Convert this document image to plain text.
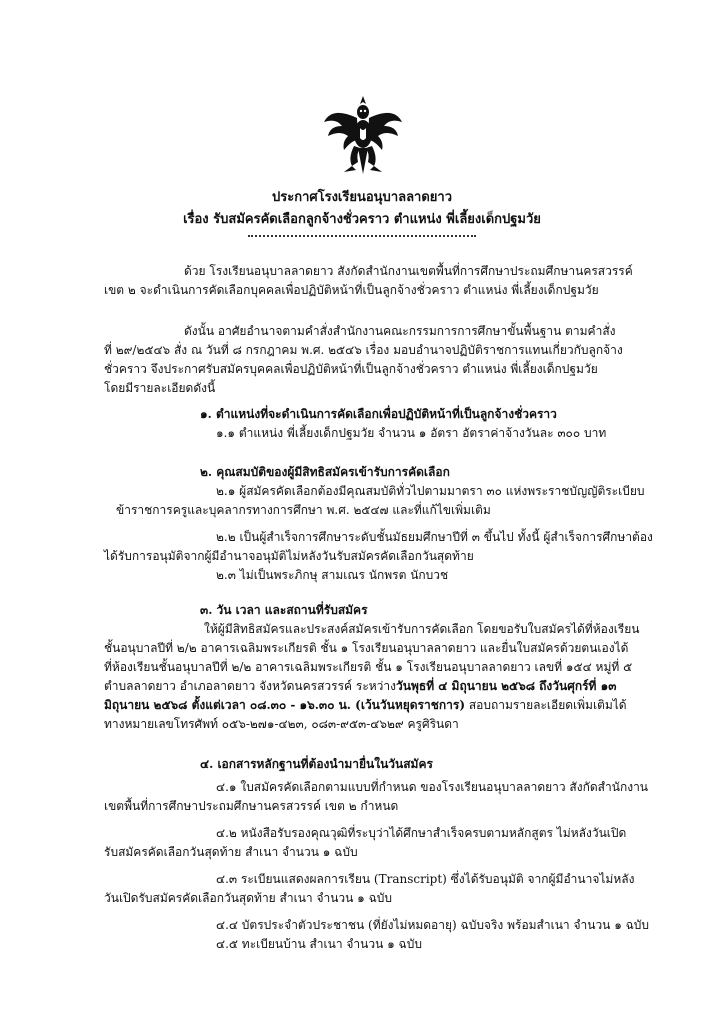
ประกาศโรงเรียนอนุบาลลาดยาว
เรื่อง รับสมัครคัดเลือกลูกจ้างชั่วคราว ตำแหน่ง พี่เลี้ยงเด็กปฐมวัย

ด้วย โรงเรียนอนุบาลลาดยาว สังกัดสำนักงานเขตพื้นที่การศึกษาประถมศึกษานครสวรรค์

เขต ๒ จะดำเนินการคัดเลือกบุคคลเพื่อปฏิบัติหน้าที่เป็นลูกจ้างชั่วคราว ตำแหน่ง พี่เลี้ยงเด็กปฐมวัย

ดังนั้น อาศัยอำนาจตามคำสั่งสำนักงานคณะกรรมการการศึกษาขั้นพื้นฐาน ตามคำสั่ง

ที่ ๒๙/๒๕๔๖ สั่ง ณ วันที่ ๘ กรกฎาคม พ.ศ. ๒๕๔๖ เรื่อง มอบอำนาจปฏิบัติราชการแทนเกี่ยวกับลูกจ้าง

ชั่วคราว จึงประกาศรับสมัครบุคคลเพื่อปฏิบัติหน้าที่เป็นลูกจ้างชั่วคราว ตำแหน่ง พี่เลี้ยงเด็กปฐมวัย

โดยมีรายละเอียดดังนี้

๑. ตำแหน่งที่จะดำเนินการคัดเลือกเพื่อปฏิบัติหน้าที่เป็นลูกจ้างชั่วคราว

๑.๑ ตำแหน่ง พี่เลี้ยงเด็กปฐมวัย จำนวน ๑ อัตรา อัตราค่าจ้างวันละ ๓๐๐ บาท

๒. คุณสมบัติของผู้มีสิทธิสมัครเข้ารับการคัดเลือก

๒.๑ ผู้สมัครคัดเลือกต้องมีคุณสมบัติทั่วไปตามมาตรา ๓๐ แห่งพระราชบัญญัติระเบียบ

ข้าราชการครูและบุคลากรทางการศึกษา พ.ศ. ๒๕๔๗ และที่แก้ไขเพิ่มเติม

๒.๒ เป็นผู้สำเร็จการศึกษาระดับชั้นมัธยมศึกษาปีที่ ๓ ขึ้นไป ทั้งนี้ ผู้สำเร็จการศึกษาต้อง

ได้รับการอนุมัติจากผู้มีอำนาจอนุมัติไม่หลังวันรับสมัครคัดเลือกวันสุดท้าย

๒.๓ ไม่เป็นพระภิกษุ สามเณร นักพรต นักบวช

๓. วัน เวลา และสถานที่รับสมัคร

ให้ผู้มีสิทธิสมัครและประสงค์สมัครเข้ารับการคัดเลือก โดยขอรับใบสมัครได้ที่ห้องเรียน

ชั้นอนุบาลปีที่ ๒/๒ อาคารเฉลิมพระเกียรติ ชั้น ๑ โรงเรียนอนุบาลลาดยาว และยื่นใบสมัครด้วยตนเองได้

ที่ห้องเรียนชั้นอนุบาลปีที่ ๒/๒ อาคารเฉลิมพระเกียรติ ชั้น ๑ โรงเรียนอนุบาลลาดยาว เลขที่ ๑๕๔ หมู่ที่ ๕

ตำบลลาดยาว อำเภอลาดยาว จังหวัดนครสวรรค์ ระหว่างวันพุธที่ ๔ มิถุนายน ๒๕๖๘ ถึงวันศุกร์ที่ ๑๓

มิถุนายน ๒๕๖๘ ตั้งแต่เวลา ๐๘.๓๐ - ๑๖.๓๐ น. (เว้นวันหยุดราชการ) สอบถามรายละเอียดเพิ่มเติมได้

ทางหมายเลขโทรศัพท์ ๐๕๖-๒๗๑-๔๒๓, ๐๘๓-๙๕๓-๔๖๒๙ ครูศิรินดา

๔. เอกสารหลักฐานที่ต้องนำมายื่นในวันสมัคร

๔.๑ ใบสมัครคัดเลือกตามแบบที่กำหนด ของโรงเรียนอนุบาลลาดยาว สังกัดสำนักงาน

เขตพื้นที่การศึกษาประถมศึกษานครสวรรค์ เขต ๒ กำหนด

๔.๒ หนังสือรับรองคุณวุฒิที่ระบุว่าได้ศึกษาสำเร็จครบตามหลักสูตร ไม่หลังวันเปิด

รับสมัครคัดเลือกวันสุดท้าย สำเนา จำนวน ๑ ฉบับ

๔.๓ ระเบียนแสดงผลการเรียน (Transcript) ซึ่งได้รับอนุมัติ จากผู้มีอำนาจไม่หลัง

วันเปิดรับสมัครคัดเลือกวันสุดท้าย สำเนา จำนวน ๑ ฉบับ

๔.๔ บัตรประจำตัวประชาชน (ที่ยังไม่หมดอายุ) ฉบับจริง พร้อมสำเนา จำนวน ๑ ฉบับ

๔.๕ ทะเบียนบ้าน สำเนา จำนวน ๑ ฉบับ
